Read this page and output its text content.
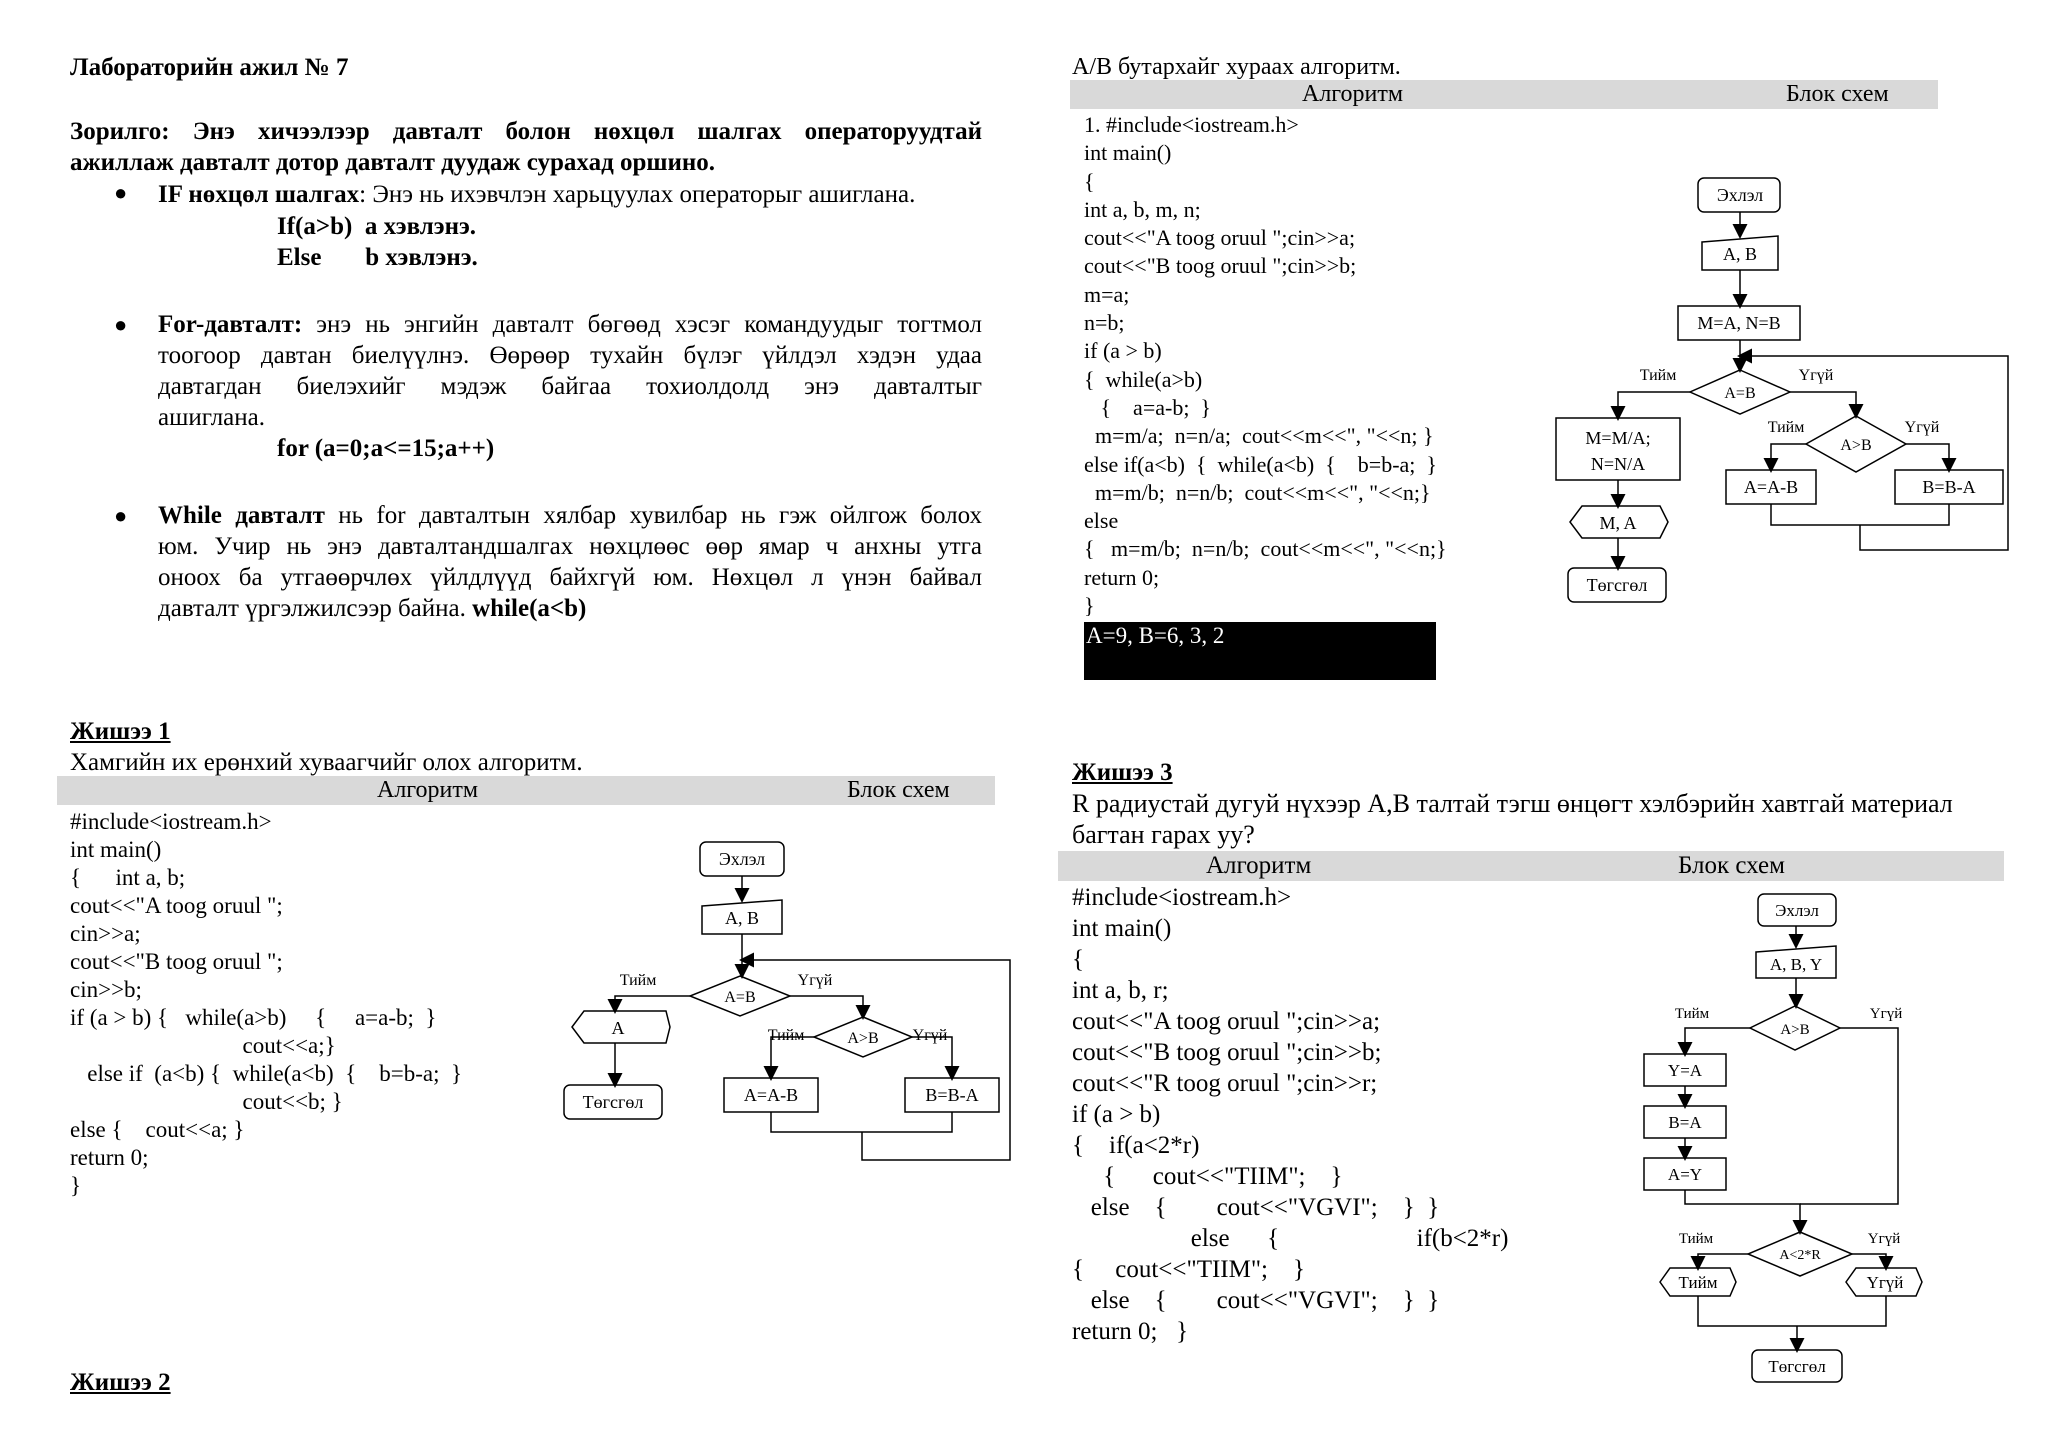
Лабораторийн ажил № 7
Зорилго: Энэ хичээлээр давталт болон нөхцөл шалгах операторуудтай
ажиллаж давталт дотор давталт дуудаж сурахад оршино.
● IF нөхцөл шалгах: Энэ нь ихэвчлэн харьцуулах операторыг ашиглана.
If(a>b)  a хэвлэнэ.
Else       b хэвлэнэ.
● For-давталт: энэ нь энгийн давталт бөгөөд хэсэг командуудыг тогтмол
тоогоор давтан биелүүлнэ. Өөрөөр тухайн бүлэг үйлдэл хэдэн удаа
давтагдан биелэхийг мэдэж байгаа тохиолдолд энэ давталтыг
ашиглана.
for (a=0;a<=15;a++)
● While давталт нь for давталтын хялбар хувилбар нь гэж ойлгож болох
юм. Учир нь энэ давталтандшалгах нөхцлөөс өөр ямар ч анхны утга
оноох ба утгаөөрчлөх үйлдлүүд байхгүй юм. Нөхцөл л үнэн байвал
давталт үргэлжилсээр байна. while(a<b)
Жишээ 1
Хамгийн их ерөнхий хуваагчийг олох алгоритм.
Алгоритм	Блок схем
#include<iostream.h>
int main()
{      int a, b;
cout<<"A toog oruul ";
cin>>a;
cout<<"B toog oruul ";
cin>>b;
if (a > b) {   while(a>b)     {     a=a-b;  }
cout<<a;}
else if  (a<b) {  while(a<b)  {    b=b-a;  }
cout<<b; }
else {    cout<<a; }
return 0;
}
Эхлэл
A, B
A=B
Тийм	Үгүй
A>B
Тийм	Үгүй
A=A-B	B=B-A
A
Төгсгөл
Жишээ 2
A/B бутархайг хураах алгоритм.
Алгоритм	Блок схем
1. #include<iostream.h>
int main()
{
int a, b, m, n;
cout<<"A toog oruul ";cin>>a;
cout<<"B toog oruul ";cin>>b;
m=a;
n=b;
if (a > b)
{  while(a>b)
{    a=a-b;  }
m=m/a;  n=n/a;  cout<<m<<", "<<n; }
else if(a<b)  {  while(a<b)  {    b=b-a;  }
m=m/b;  n=n/b;  cout<<m<<", "<<n;}
else
{   m=m/b;  n=n/b;  cout<<m<<", "<<n;}
return 0;
}
A=9, B=6, 3, 2
Эхлэл
A, B
M=A, N=B
A=B
Тийм	Үгүй
M=M/A;
N=N/A
A>B
Тийм	Үгүй
A=A-B	B=B-A
M, A
Төгсгөл
Жишээ 3
R радиустай дугуй нүхээр A,B талтай тэгш өнцөгт хэлбэрийн хавтгай материал
багтан гарах уу?
Алгоритм	Блок схем
#include<iostream.h>
int main()
{
int a, b, r;
cout<<"A toog oruul ";cin>>a;
cout<<"B toog oruul ";cin>>b;
cout<<"R toog oruul ";cin>>r;
if (a > b)
{    if(a<2*r)
{      cout<<"TIIM";    }
else    {        cout<<"VGVI";    }  }
else      {                      if(b<2*r)
{     cout<<"TIIM";    }
else    {        cout<<"VGVI";    }  }
return 0;   }
Эхлэл
A, B, Y
A>B
Тийм	Үгүй
Y=A
B=A
A=Y
A<2*R
Тийм	Үгүй
Тийм	Үгүй
Төгсгөл
